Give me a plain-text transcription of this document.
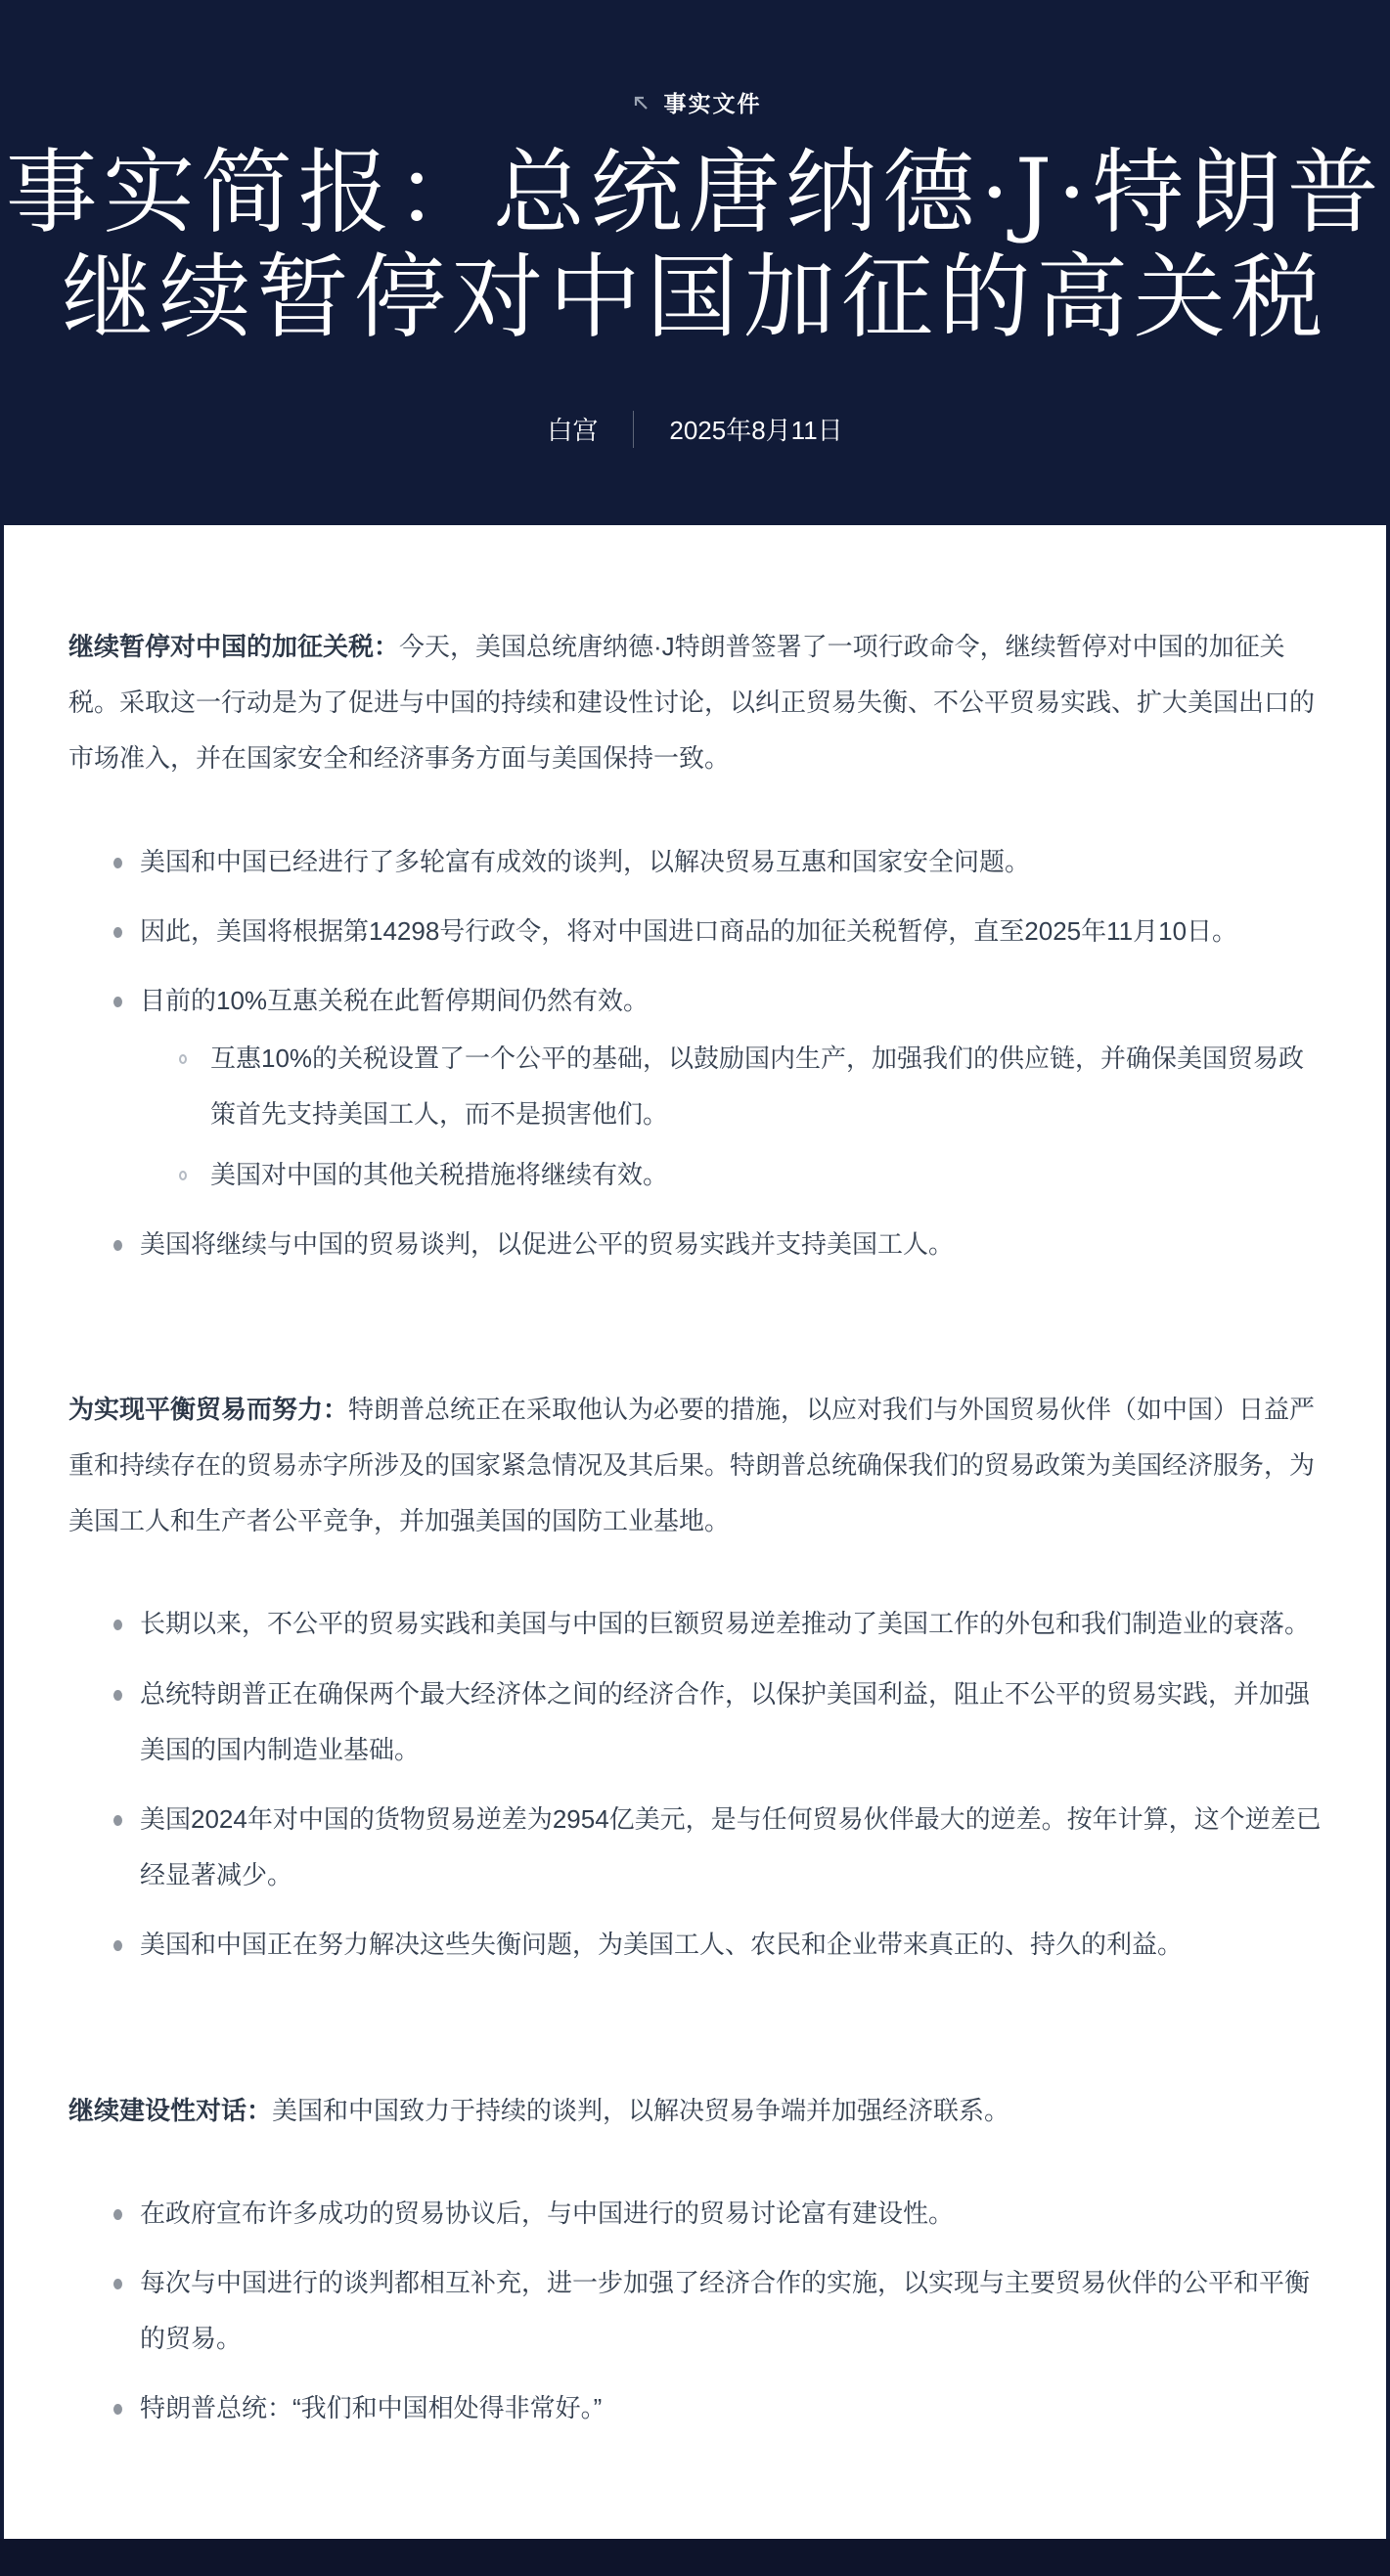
事实文件
事实简报：总统唐纳德·J·特朗普
继续暂停对中国加征的高关税
白宫	2025年8月11日

继续暂停对中国的加征关税：今天，美国总统唐纳德·J特朗普签署了一项行政命令，继续暂停对中国的加征关税。采取这一行动是为了促进与中国的持续和建设性讨论，以纠正贸易失衡、不公平贸易实践、扩大美国出口的市场准入，并在国家安全和经济事务方面与美国保持一致。

美国和中国已经进行了多轮富有成效的谈判，以解决贸易互惠和国家安全问题。
因此，美国将根据第14298号行政令，将对中国进口商品的加征关税暂停，直至2025年11月10日。
目前的10%互惠关税在此暂停期间仍然有效。
互惠10%的关税设置了一个公平的基础，以鼓励国内生产，加强我们的供应链，并确保美国贸易政策首先支持美国工人，而不是损害他们。
美国对中国的其他关税措施将继续有效。
美国将继续与中国的贸易谈判，以促进公平的贸易实践并支持美国工人。

为实现平衡贸易而努力：特朗普总统正在采取他认为必要的措施，以应对我们与外国贸易伙伴（如中国）日益严重和持续存在的贸易赤字所涉及的国家紧急情况及其后果。特朗普总统确保我们的贸易政策为美国经济服务，为美国工人和生产者公平竞争，并加强美国的国防工业基地。

长期以来，不公平的贸易实践和美国与中国的巨额贸易逆差推动了美国工作的外包和我们制造业的衰落。
总统特朗普正在确保两个最大经济体之间的经济合作，以保护美国利益，阻止不公平的贸易实践，并加强美国的国内制造业基础。
美国2024年对中国的货物贸易逆差为2954亿美元，是与任何贸易伙伴最大的逆差。按年计算，这个逆差已经显著减少。
美国和中国正在努力解决这些失衡问题，为美国工人、农民和企业带来真正的、持久的利益。

继续建设性对话：美国和中国致力于持续的谈判，以解决贸易争端并加强经济联系。

在政府宣布许多成功的贸易协议后，与中国进行的贸易讨论富有建设性。
每次与中国进行的谈判都相互补充，进一步加强了经济合作的实施，以实现与主要贸易伙伴的公平和平衡的贸易。
特朗普总统：“我们和中国相处得非常好。”
